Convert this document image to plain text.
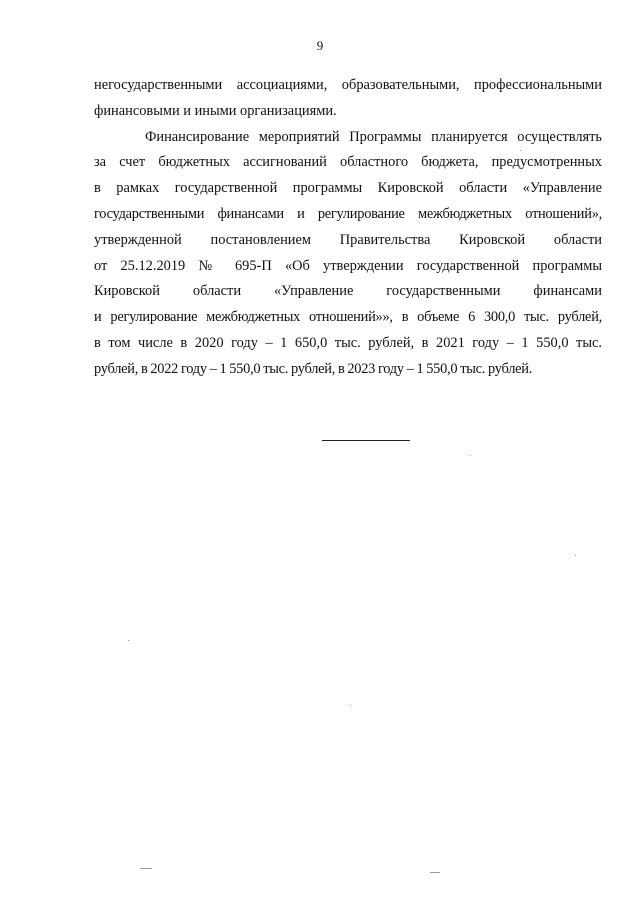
9
негосударственными ассоциациями, образовательными, профессиональными
финансовыми и иными организациями.
Финансирование мероприятий Программы планируется осуществлять
за счет бюджетных ассигнований областного бюджета, предусмотренных
в рамках государственной программы Кировской области «Управление
государственными финансами и регулирование межбюджетных отношений»,
утвержденной постановлением Правительства Кировской области
от 25.12.2019 № 695-П «Об утверждении государственной программы
Кировской области «Управление государственными финансами
и регулирование межбюджетных отношений»», в объеме 6 300,0 тыс. рублей,
в том числе в 2020 году – 1 650,0 тыс. рублей, в 2021 году – 1 550,0 тыс.
рублей, в 2022 году – 1 550,0 тыс. рублей, в 2023 году – 1 550,0 тыс. рублей.
